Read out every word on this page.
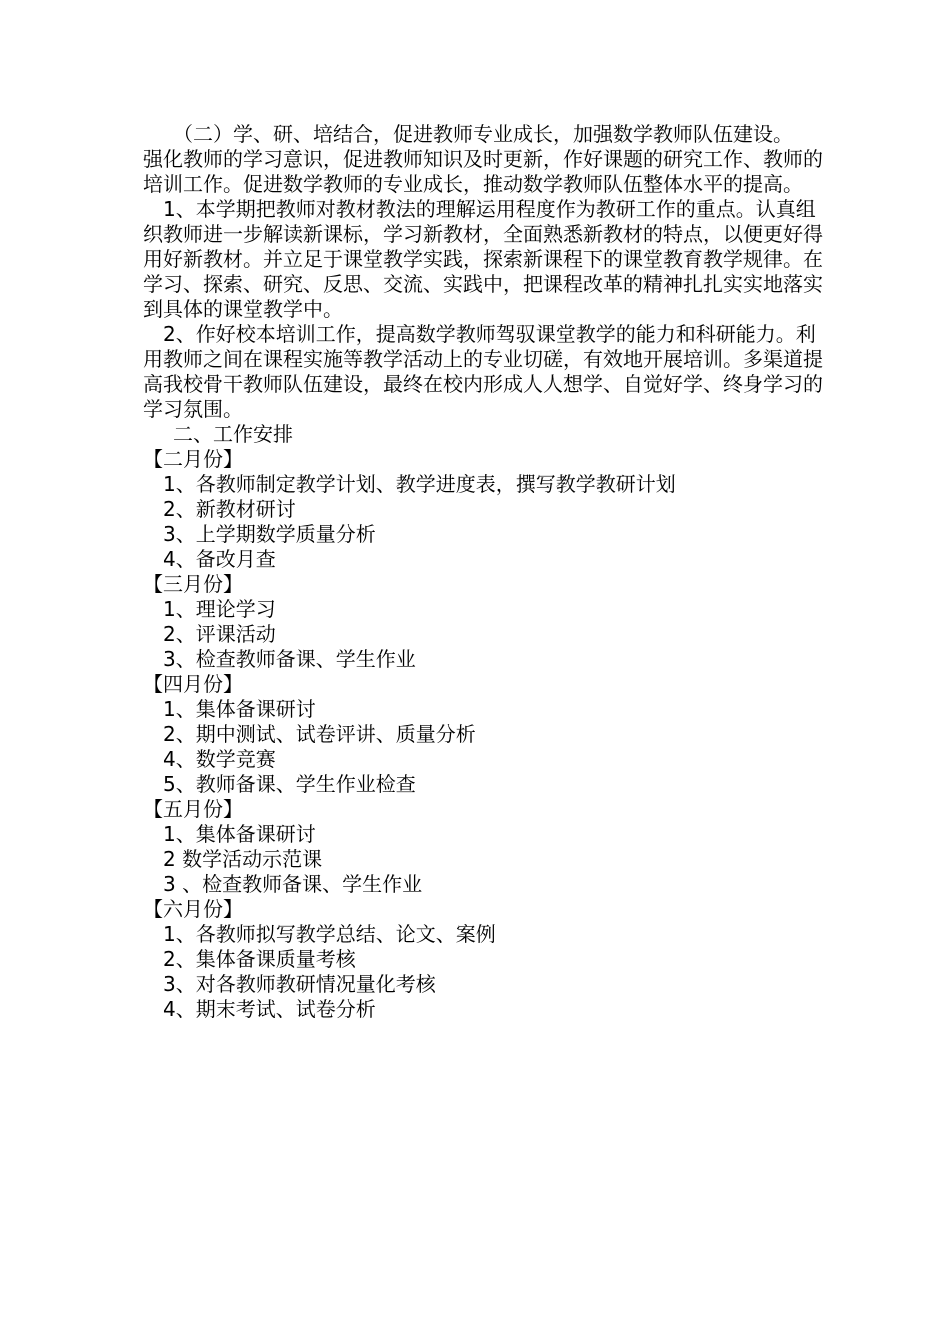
（二）学、研、培结合，促进教师专业成长，加强数学教师队伍建设。

强化教师的学习意识，促进教师知识及时更新，作好课题的研究工作、教师的培训工作。促进数学教师的专业成长，推动数学教师队伍整体水平的提高。

1、本学期把教师对教材教法的理解运用程度作为教研工作的重点。认真组织教师进一步解读新课标，学习新教材，全面熟悉新教材的特点，以便更好得用好新教材。并立足于课堂教学实践，探索新课程下的课堂教育教学规律。在学习、探索、研究、反思、交流、实践中，把课程改革的精神扎扎实实地落实到具体的课堂教学中。

2、作好校本培训工作，提高数学教师驾驭课堂教学的能力和科研能力。利用教师之间在课程实施等教学活动上的专业切磋，有效地开展培训。多渠道提高我校骨干教师队伍建设，最终在校内形成人人想学、自觉好学、终身学习的学习氛围。

二、工作安排

【二月份】

1、各教师制定教学计划、教学进度表，撰写教学教研计划

2、新教材研讨

3、上学期数学质量分析

4、备改月查

【三月份】

1、理论学习

2、评课活动

3、检查教师备课、学生作业

【四月份】

1、集体备课研讨

2、期中测试、试卷评讲、质量分析

4、数学竞赛

5、教师备课、学生作业检查

【五月份】

1、集体备课研讨

2 数学活动示范课

3 、检查教师备课、学生作业

【六月份】

1、各教师拟写教学总结、论文、案例

2、集体备课质量考核

3、对各教师教研情况量化考核

4、期末考试、试卷分析
